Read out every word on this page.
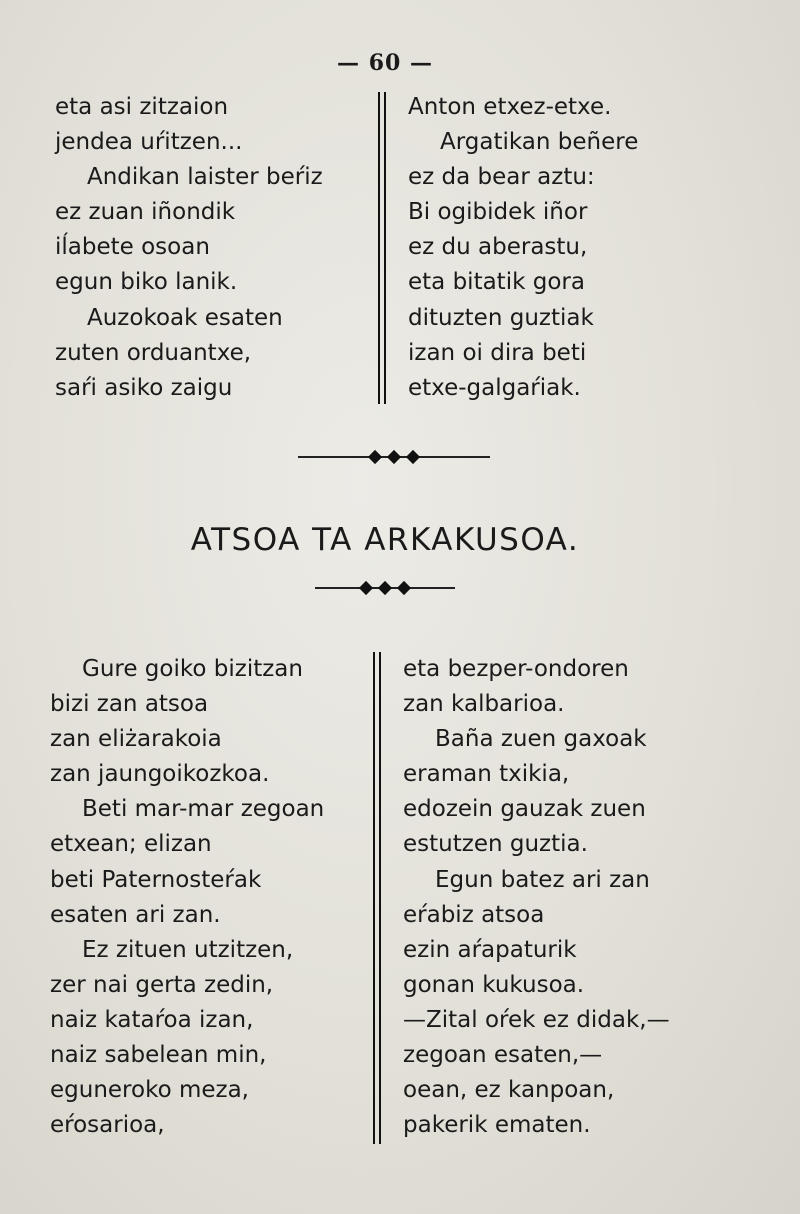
— 60 —
eta asi zitzaion
jendea uŕitzen...
Andikan laister beŕiz
ez zuan iñondik
iĺabete osoan
egun biko lanik.
Auzokoak esaten
zuten orduantxe,
saŕi asiko zaigu
Anton etxez-etxe.
Argatikan beñere
ez da bear aztu:
Bi ogibidek iñor
ez du aberastu,
eta bitatik gora
dituzten guztiak
izan oi dira beti
etxe-galgaŕiak.
ATSOA TA ARKAKUSOA.
Gure goiko bizitzan
bizi zan atsoa
zan eliżarakoia
zan jaungoikozkoa.
Beti mar-mar zegoan
etxean; elizan
beti Paternosteŕak
esaten ari zan.
Ez zituen utzitzen,
zer nai gerta zedin,
naiz kataŕoa izan,
naiz sabelean min,
eguneroko meza,
eŕosarioa,
eta bezper-ondoren
zan kalbarioa.
Baña zuen gaxoak
eraman txikia,
edozein gauzak zuen
estutzen guztia.
Egun batez ari zan
eŕabiz atsoa
ezin aŕapaturik
gonan kukusoa.
—Zital oŕek ez didak,—
zegoan esaten,—
oean, ez kanpoan,
pakerik ematen.
